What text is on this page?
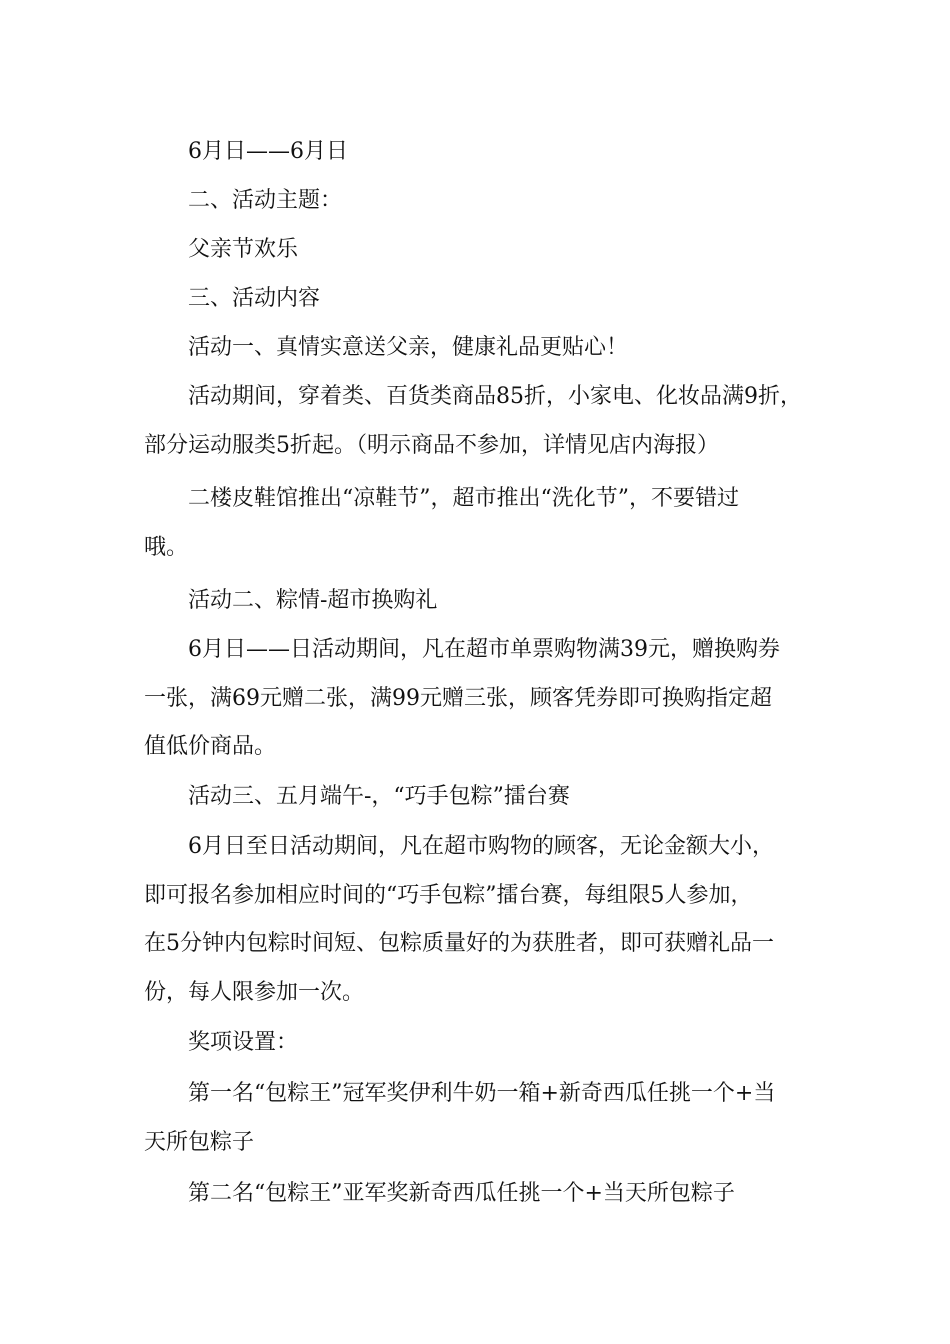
6月日——6月日
二、活动主题：
父亲节欢乐
三、活动内容
活动一、真情实意送父亲，健康礼品更贴心！
活动期间，穿着类、百货类商品85折，小家电、化妆品满9折，
部分运动服类5折起。（明示商品不参加，详情见店内海报）
二楼皮鞋馆推出“凉鞋节”，超市推出“洗化节”，不要错过
哦。
活动二、粽情-超市换购礼
6月日——日活动期间，凡在超市单票购物满39元，赠换购券
一张，满69元赠二张，满99元赠三张，顾客凭券即可换购指定超
值低价商品。
活动三、五月端午-，“巧手包粽”擂台赛
6月日至日活动期间，凡在超市购物的顾客，无论金额大小，
即可报名参加相应时间的“巧手包粽”擂台赛，每组限5人参加，
在5分钟内包粽时间短、包粽质量好的为获胜者，即可获赠礼品一
份，每人限参加一次。
奖项设置：
第一名“包粽王”冠军奖伊利牛奶一箱+新奇西瓜任挑一个+当
天所包粽子
第二名“包粽王”亚军奖新奇西瓜任挑一个+当天所包粽子
